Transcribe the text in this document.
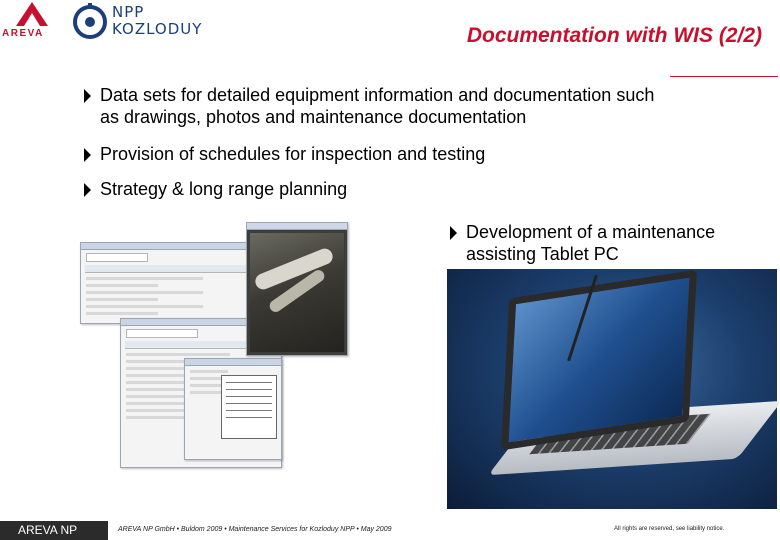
AREVA
NPP
KOZLODUY	Documentation with WIS (2/2)
Data sets for detailed equipment information and documentation such
as drawings, photos and maintenance documentation
Provision of schedules for inspection and testing
Strategy & long range planning
Development of a maintenance
assisting Tablet PC
AREVA NP	AREVA NP GmbH • Buldom 2009 • Maintenance Services for Kozloduy NPP • May 2009	All rights are reserved, see liability notice.
